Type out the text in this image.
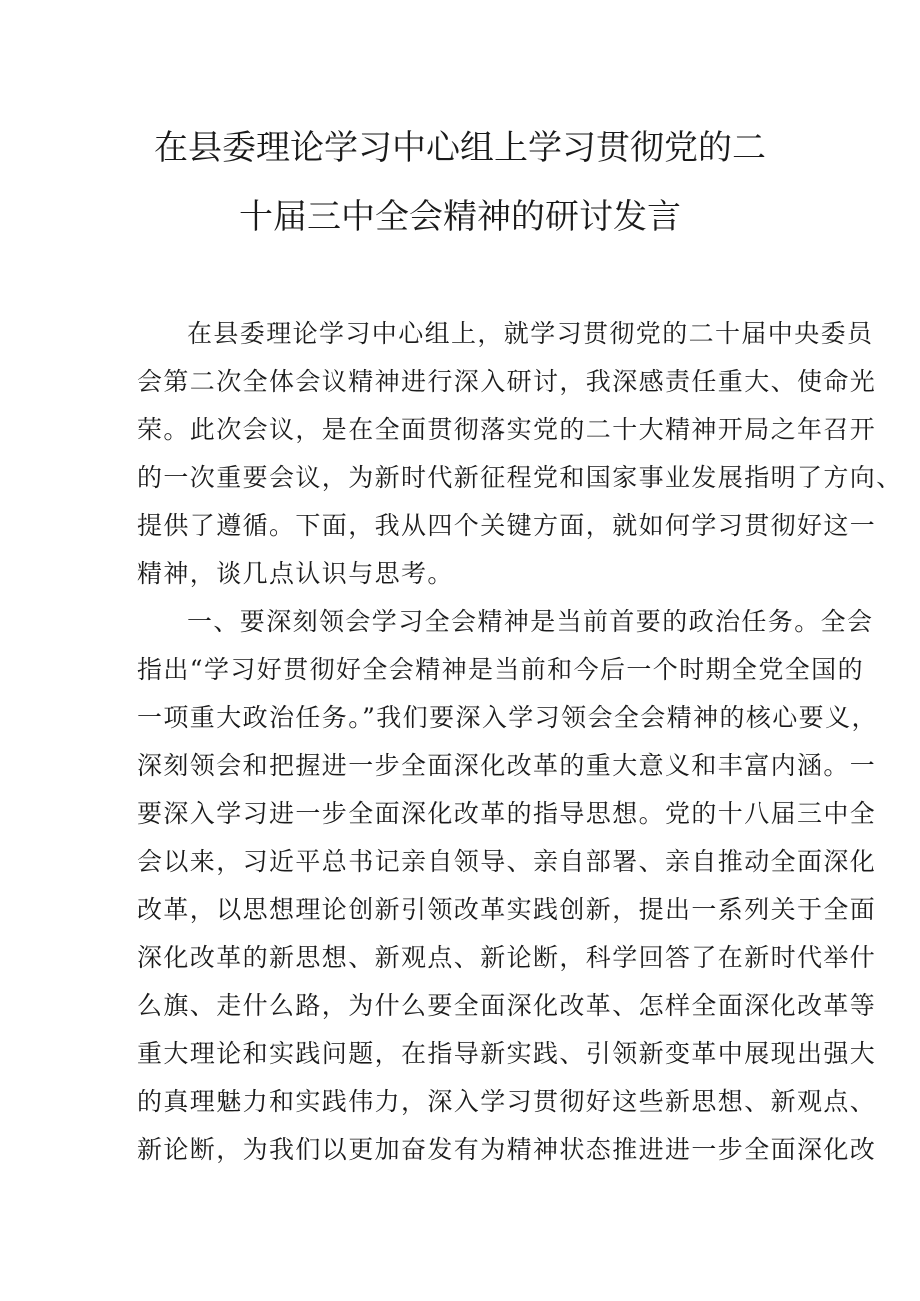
在县委理论学习中心组上学习贯彻党的二
十届三中全会精神的研讨发言
在县委理论学习中心组上，就学习贯彻党的二十届中央委员
会第二次全体会议精神进行深入研讨，我深感责任重大、使命光
荣。此次会议，是在全面贯彻落实党的二十大精神开局之年召开
的一次重要会议，为新时代新征程党和国家事业发展指明了方向、
提供了遵循。下面，我从四个关键方面，就如何学习贯彻好这一
精神，谈几点认识与思考。
一、要深刻领会学习全会精神是当前首要的政治任务。全会
指出“学习好贯彻好全会精神是当前和今后一个时期全党全国的
一项重大政治任务。”我们要深入学习领会全会精神的核心要义，
深刻领会和把握进一步全面深化改革的重大意义和丰富内涵。一
要深入学习进一步全面深化改革的指导思想。党的十八届三中全
会以来，习近平总书记亲自领导、亲自部署、亲自推动全面深化
改革，以思想理论创新引领改革实践创新，提出一系列关于全面
深化改革的新思想、新观点、新论断，科学回答了在新时代举什
么旗、走什么路，为什么要全面深化改革、怎样全面深化改革等
重大理论和实践问题，在指导新实践、引领新变革中展现出强大
的真理魅力和实践伟力，深入学习贯彻好这些新思想、新观点、
新论断，为我们以更加奋发有为精神状态推进进一步全面深化改
